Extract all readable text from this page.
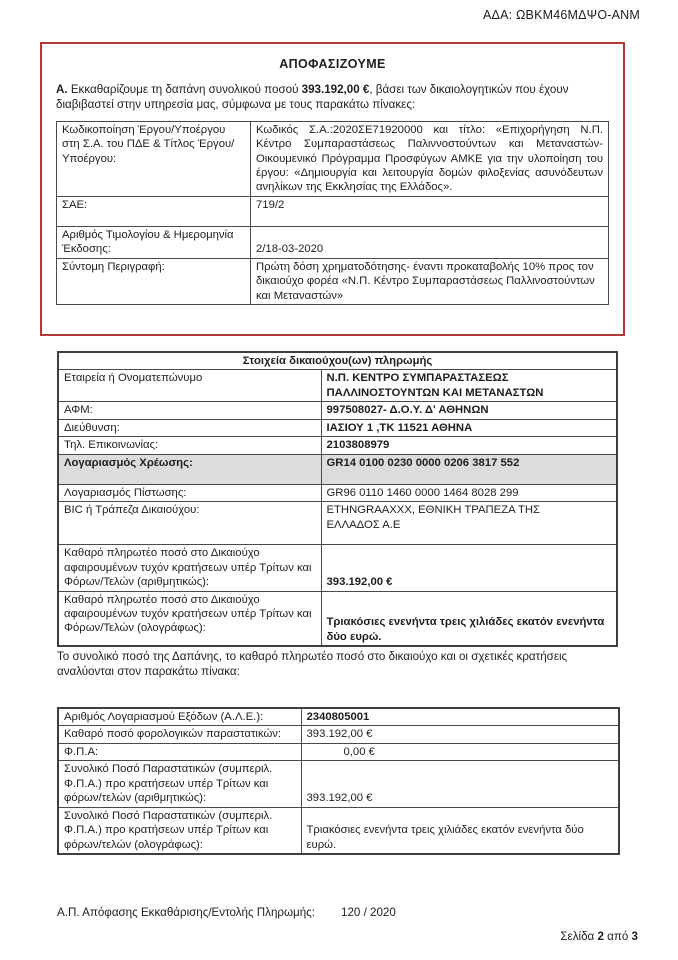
ΑΔΑ: ΩΒΚΜ46ΜΔΨΟ-ΑΝΜ
ΑΠΟΦΑΣΙΖΟΥΜΕ
Α. Εκκαθαρίζουμε τη δαπάνη συνολικού ποσού 393.192,00 €, βάσει των δικαιολογητικών που έχουν διαβιβαστεί στην υπηρεσία μας, σύμφωνα με τους παρακάτω πίνακες:
Κωδικοποίηση Έργου/Υποέργου στη Σ.Α. του ΠΔΕ & Τίτλος Έργου/Υποέργου:	Κωδικός Σ.Α.:2020ΣΕ71920000 και τίτλο: «Επιχορήγηση Ν.Π. Κέντρο Συμπαραστάσεως Παλιννοστούντων και Μεταναστών- Οικουμενικό Πρόγραμμα Προσφύγων ΑΜΚΕ για την υλοποίηση του έργου: «Δημιουργία και λειτουργία δομών φιλοξενίας ασυνόδευτων ανηλίκων της Εκκλησίας της Ελλάδος».
ΣΑΕ:	719/2
Αριθμός Τιμολογίου & Ημερομηνία Έκδοσης:	2/18-03-2020
Σύντομη Περιγραφή:	Πρώτη δόση χρηματοδότησης- έναντι προκαταβολής 10% προς τον δικαιούχο φορέα «Ν.Π. Κέντρο Συμπαραστάσεως Παλλινοστούντων και Μεταναστών»
Στοιχεία δικαιούχου(ων) πληρωμής	
Εταιρεία ή Ονοματεπώνυμο	Ν.Π. ΚΕΝΤΡΟ ΣΥΜΠΑΡΑΣΤΑΣΕΩΣ ΠΑΛΛΙΝΟΣΤΟΥΝΤΩΝ ΚΑΙ ΜΕΤΑΝΑΣΤΩΝ
ΑΦΜ:	997508027- Δ.Ο.Υ. Δ' ΑΘΗΝΩΝ
Διεύθυνση:	ΙΑΣΙΟΥ 1 ,ΤΚ 11521 ΑΘΗΝΑ
Τηλ. Επικοινωνίας:	2103808979
Λογαριασμός Χρέωσης:	GR14 0100 0230 0000 0206 3817 552
Λογαριασμός Πίστωσης:	GR96 0110 1460 0000 1464 8028 299
BIC ή Τράπεζα Δικαιούχου:	ETHNGRAAXXX, ΕΘΝΙΚΗ ΤΡΑΠΕΖΑ ΤΗΣ ΕΛΛΑΔΟΣ Α.Ε

Καθαρό πληρωτέο ποσό στο Δικαιούχο αφαιρουμένων τυχόν κρατήσεων υπέρ Τρίτων και Φόρων/Τελών (αριθμητικώς):	393.192,00 €
Καθαρό πληρωτέο ποσό στο Δικαιούχο αφαιρουμένων τυχόν κρατήσεων υπέρ Τρίτων και Φόρων/Τελών (ολογράφως):	Τριακόσιες ενενήντα τρεις χιλιάδες εκατόν ενενήντα δύο ευρώ.
Το συνολικό ποσό της Δαπάνης, το καθαρό πληρωτέο ποσό στο δικαιούχο και οι σχετικές κρατήσεις αναλύονται στον παρακάτω πίνακα:
Αριθμός Λογαριασμού Εξόδων (Α.Λ.Ε.):	2340805001
Καθαρό ποσό φορολογικών παραστατικών:	393.192,00 €
Φ.Π.Α:	0,00 €
Συνολικό Ποσό Παραστατικών (συμπεριλ. Φ.Π.Α.) προ κρατήσεων υπέρ Τρίτων και φόρων/τελών (αριθμητικώς):	393.192,00 €
Συνολικό Ποσό Παραστατικών (συμπεριλ. Φ.Π.Α.) προ κρατήσεων υπέρ Τρίτων και φόρων/τελών (ολογράφως):	Τριακόσιες ενενήντα τρεις χιλιάδες εκατόν ενενήντα δύο ευρώ.
Α.Π. Απόφασης Εκκαθάρισης/Εντολής Πληρωμής: 120 / 2020
Σελίδα 2 από 3
